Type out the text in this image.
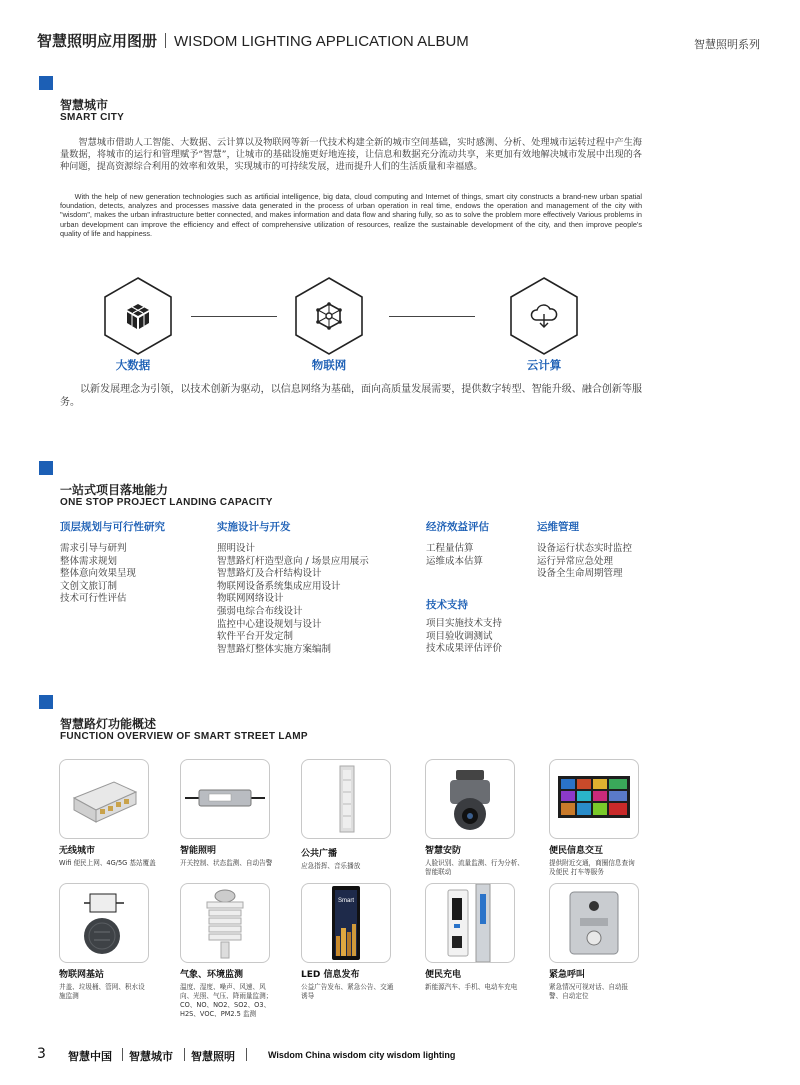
智慧照明应用图册 WISDOM LIGHTING APPLICATION ALBUM	智慧照明系列
智慧城市
SMART CITY
智慧城市借助人工智能、大数据、云计算以及物联网等新一代技术构建全新的城市空间基础，实时感测、分析、处理城市运转过程中产生海量数据，将城市的运行和管理赋予“智慧”，让城市的基础设施更好地连接，让信息和数据充分流动共享，来更加有效地解决城市发展中出现的各种问题，提高资源综合利用的效率和效果，实现城市的可持续发展，进而提升人们的生活质量和幸福感。
With the help of new generation technologies such as artificial intelligence, big data, cloud computing and Internet of things, smart city constructs a brand-new urban spatial foundation, detects, analyzes and processes massive data generated in the process of urban operation in real time, endows the operation and management of the city with "wisdom", makes the urban infrastructure better connected, and makes information and data flow and sharing fully, so as to solve the problem more effectively Various problems in urban development can improve the efficiency and effect of comprehensive utilization of resources, realize the sustainable development of the city, and then improve people's quality of life and happiness.
大数据	物联网	云计算
以新发展理念为引领，以技术创新为驱动，以信息网络为基础，面向高质量发展需要，提供数字转型、智能升级、融合创新等服务。
一站式项目落地能力
ONE STOP PROJECT LANDING CAPACITY
顶层规划与可行性研究
需求引导与研判
整体需求规划
整体意向效果呈现
文创文旅订制
技术可行性评估
实施设计与开发
照明设计
智慧路灯杆造型意向 / 场景应用展示
智慧路灯及合杆结构设计
物联网设备系统集成应用设计
物联网网络设计
强弱电综合布线设计
监控中心建设规划与设计
软件平台开发定制
智慧路灯整体实施方案编制
经济效益评估
工程量估算
运维成本估算
技术支持
项目实施技术支持
项目验收调测试
技术成果评估评价
运维管理
设备运行状态实时监控
运行异常应急处理
设备全生命周期管理
智慧路灯功能概述
FUNCTION OVERVIEW OF SMART STREET LAMP
无线城市
Wifi 便民上网、4G/5G 基站覆盖
智能照明
开关控制、状态监测、自动告警
公共广播
应急指挥、音乐播放
智慧安防
人脸识别、流量监测、行为分析、智能联动
便民信息交互
提供附近交通，商圈信息查询及便民 打车等服务
Smart
物联网基站
井盖、垃圾桶、管网、积水设施监测
气象、环境监测
温度、湿度、噪声、风速、风向、光照、气压、降雨量监测；CO、NO、NO2、SO2、O3、H2S、VOC、PM2.5 监测
LED 信息发布
公益广告发布、紧急公告、交通诱导
便民充电
新能源汽车、手机、电动车充电
紧急呼叫
紧急情况可视对话、自动报警、自动定位
3 智慧中国 智慧城市 智慧照明	Wisdom China wisdom city wisdom lighting
